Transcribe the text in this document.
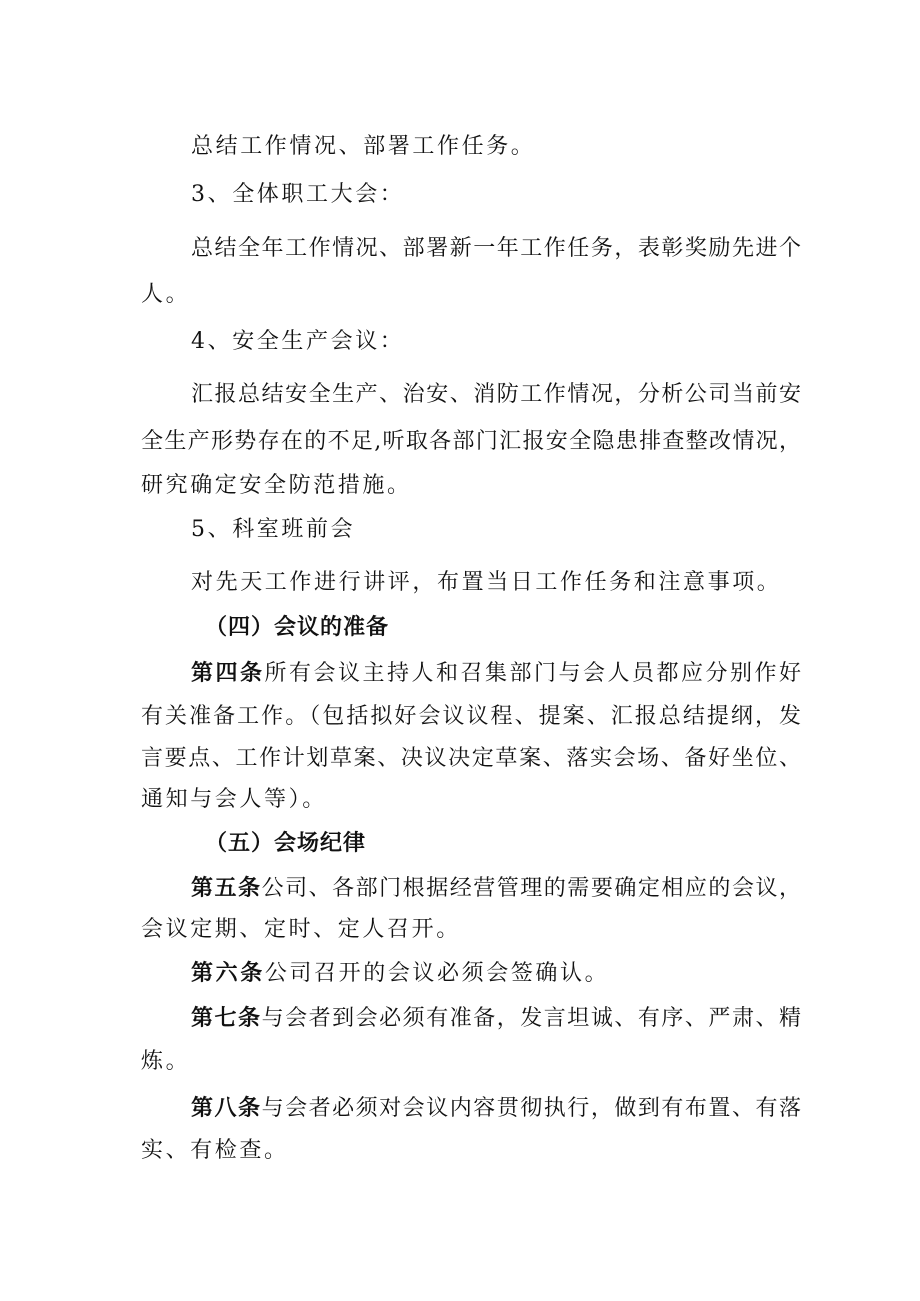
总结工作情况、部署工作任务。
3、全体职工大会：
总结全年工作情况、部署新一年工作任务，表彰奖励先进个
人。
4、安全生产会议：
汇报总结安全生产、治安、消防工作情况，分析公司当前安
全生产形势存在的不足,听取各部门汇报安全隐患排查整改情况，
研究确定安全防范措施。
5、科室班前会
对先天工作进行讲评，布置当日工作任务和注意事项。
（四）会议的准备
第四条所有会议主持人和召集部门与会人员都应分别作好
有关准备工作。（包括拟好会议议程、提案、汇报总结提纲，发
言要点、工作计划草案、决议决定草案、落实会场、备好坐位、
通知与会人等）。
（五）会场纪律
第五条公司、各部门根据经营管理的需要确定相应的会议，
会议定期、定时、定人召开。
第六条公司召开的会议必须会签确认。
第七条与会者到会必须有准备，发言坦诚、有序、严肃、精
炼。
第八条与会者必须对会议内容贯彻执行，做到有布置、有落
实、有检查。
